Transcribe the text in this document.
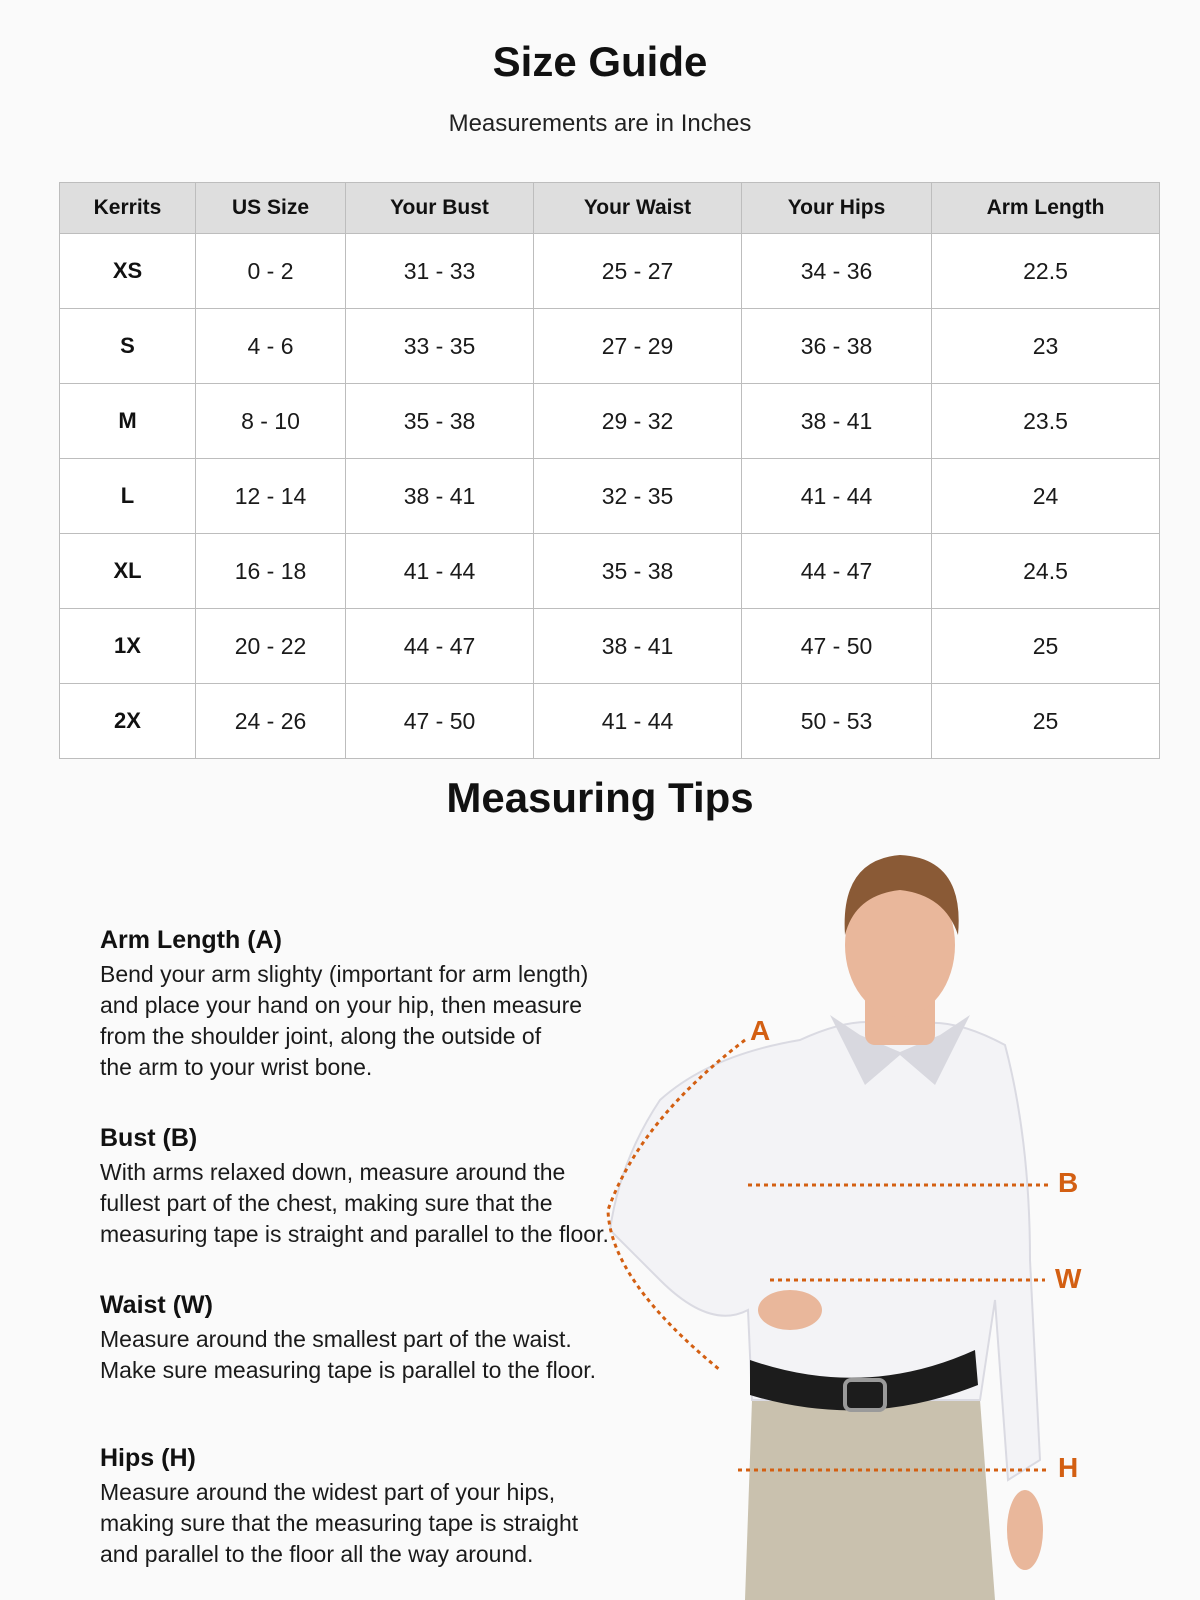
Size Guide
Measurements are in Inches
Kerrits	US Size	Your Bust	Your Waist	Your Hips	Arm Length
XS	0 - 2	31 - 33	25 - 27	34 - 36	22.5
S	4 - 6	33 - 35	27 - 29	36 - 38	23
M	8 - 10	35 - 38	29 - 32	38 - 41	23.5
L	12 - 14	38 - 41	32 - 35	41 - 44	24
XL	16 - 18	41 - 44	35 - 38	44 - 47	24.5
1X	20 - 22	44 - 47	38 - 41	47 - 50	25
2X	24 - 26	47 - 50	41 - 44	50 - 53	25
Measuring Tips
A
B
W
H
Arm Length (A)

Bend your arm slighty (important for arm length)

and place your hand on your hip, then measure

from the shoulder joint, along the outside of

the arm to your wrist bone.

Bust (B)

With arms relaxed down, measure around the

fullest part of the chest, making sure that the

measuring tape is straight and parallel to the floor.

Waist (W)

Measure around the smallest part of the waist.

Make sure measuring tape is parallel to the floor.

Hips (H)

Measure around the widest part of your hips,

making sure that the measuring tape is straight

and parallel to the floor all the way around.
